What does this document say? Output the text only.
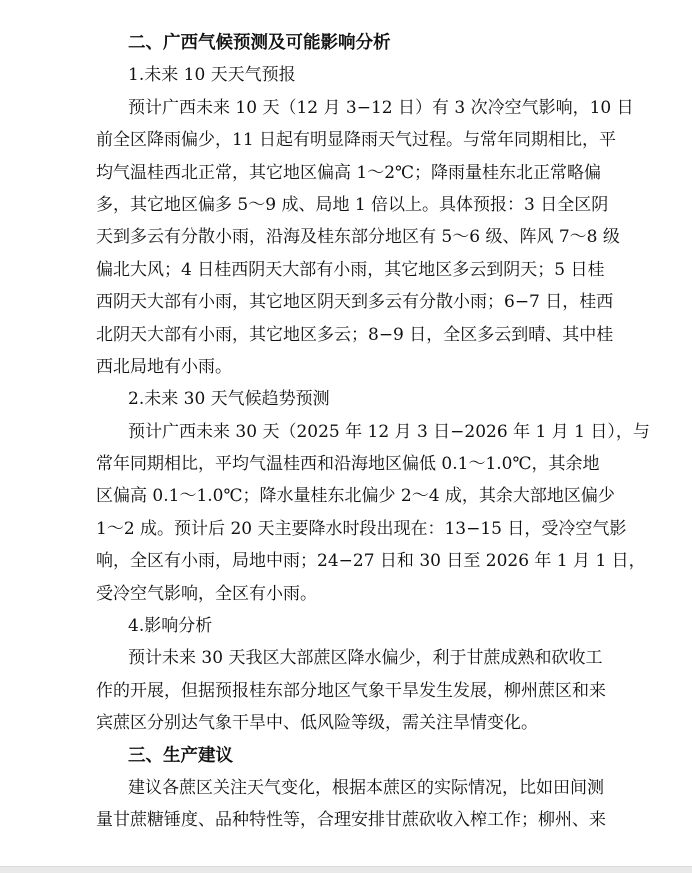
二、广西气候预测及可能影响分析
1.未来 10 天天气预报
预计广西未来 10 天（12 月 3−12 日）有 3 次冷空气影响，10 日
前全区降雨偏少，11 日起有明显降雨天气过程。与常年同期相比，平
均气温桂西北正常，其它地区偏高 1～2℃；降雨量桂东北正常略偏
多，其它地区偏多 5～9 成、局地 1 倍以上。具体预报：3 日全区阴
天到多云有分散小雨，沿海及桂东部分地区有 5～6 级、阵风 7～8 级
偏北大风；4 日桂西阴天大部有小雨，其它地区多云到阴天；5 日桂
西阴天大部有小雨，其它地区阴天到多云有分散小雨；6−7 日，桂西
北阴天大部有小雨，其它地区多云；8−9 日，全区多云到晴、其中桂
西北局地有小雨。
2.未来 30 天气候趋势预测
预计广西未来 30 天（2025 年 12 月 3 日−2026 年 1 月 1 日），与
常年同期相比，平均气温桂西和沿海地区偏低 0.1～1.0℃，其余地
区偏高 0.1～1.0℃；降水量桂东北偏少 2～4 成，其余大部地区偏少
1～2 成。预计后 20 天主要降水时段出现在：13−15 日，受冷空气影
响，全区有小雨，局地中雨；24−27 日和 30 日至 2026 年 1 月 1 日，
受冷空气影响，全区有小雨。
4.影响分析
预计未来 30 天我区大部蔗区降水偏少，利于甘蔗成熟和砍收工
作的开展，但据预报桂东部分地区气象干旱发生发展，柳州蔗区和来
宾蔗区分别达气象干旱中、低风险等级，需关注旱情变化。
三、生产建议
建议各蔗区关注天气变化，根据本蔗区的实际情况，比如田间测
量甘蔗糖锤度、品种特性等，合理安排甘蔗砍收入榨工作；柳州、来
